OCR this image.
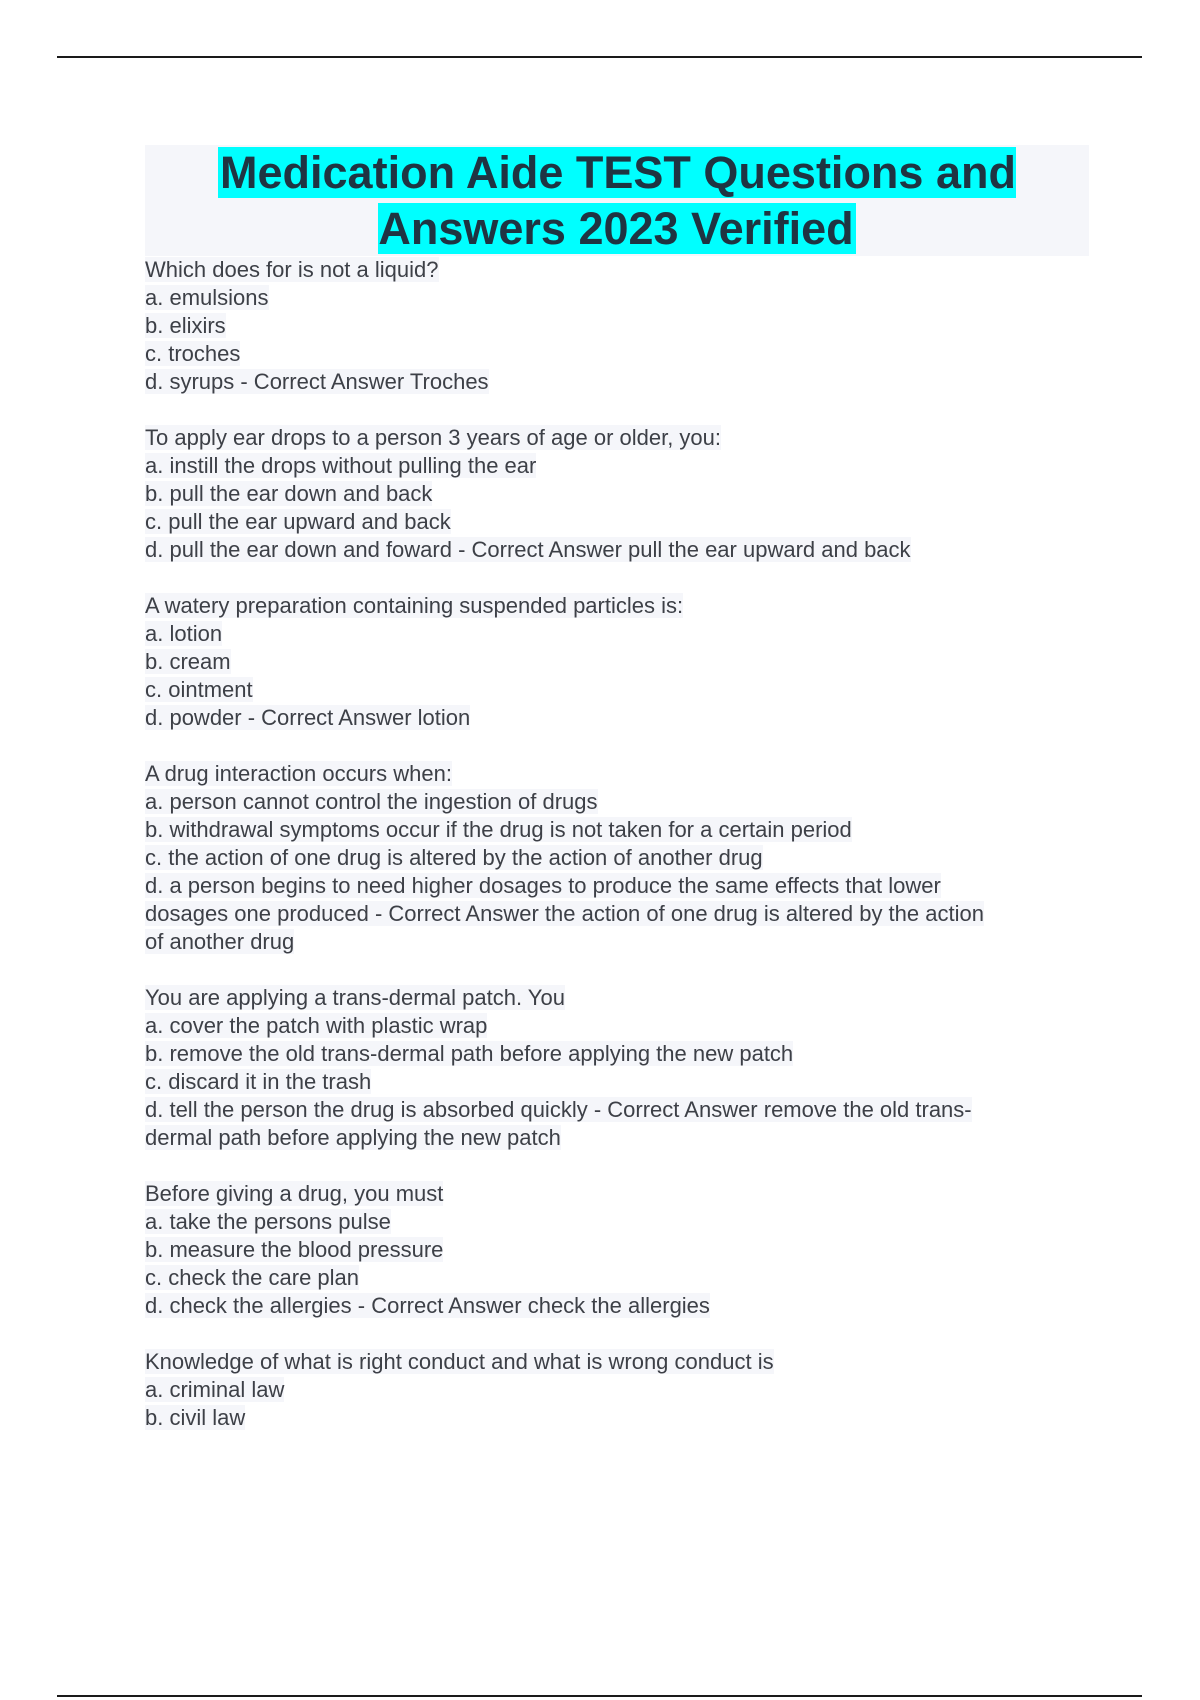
Medication Aide TEST Questions and Answers 2023 Verified
Which does for is not a liquid?
a. emulsions
b. elixirs
c. troches
d. syrups - Correct Answer Troches
To apply ear drops to a person 3 years of age or older, you:
a. instill the drops without pulling the ear
b. pull the ear down and back
c. pull the ear upward and back
d. pull the ear down and foward - Correct Answer pull the ear upward and back
A watery preparation containing suspended particles is:
a. lotion
b. cream
c. ointment
d. powder - Correct Answer lotion
A drug interaction occurs when:
a. person cannot control the ingestion of drugs
b. withdrawal symptoms occur if the drug is not taken for a certain period
c. the action of one drug is altered by the action of another drug
d. a person begins to need higher dosages to produce the same effects that lower
dosages one produced - Correct Answer the action of one drug is altered by the action
of another drug
You are applying a trans-dermal patch. You
a. cover the patch with plastic wrap
b. remove the old trans-dermal path before applying the new patch
c. discard it in the trash
d. tell the person the drug is absorbed quickly - Correct Answer remove the old trans-
dermal path before applying the new patch
Before giving a drug, you must
a. take the persons pulse
b. measure the blood pressure
c. check the care plan
d. check the allergies - Correct Answer check the allergies
Knowledge of what is right conduct and what is wrong conduct is
a. criminal law
b. civil law
